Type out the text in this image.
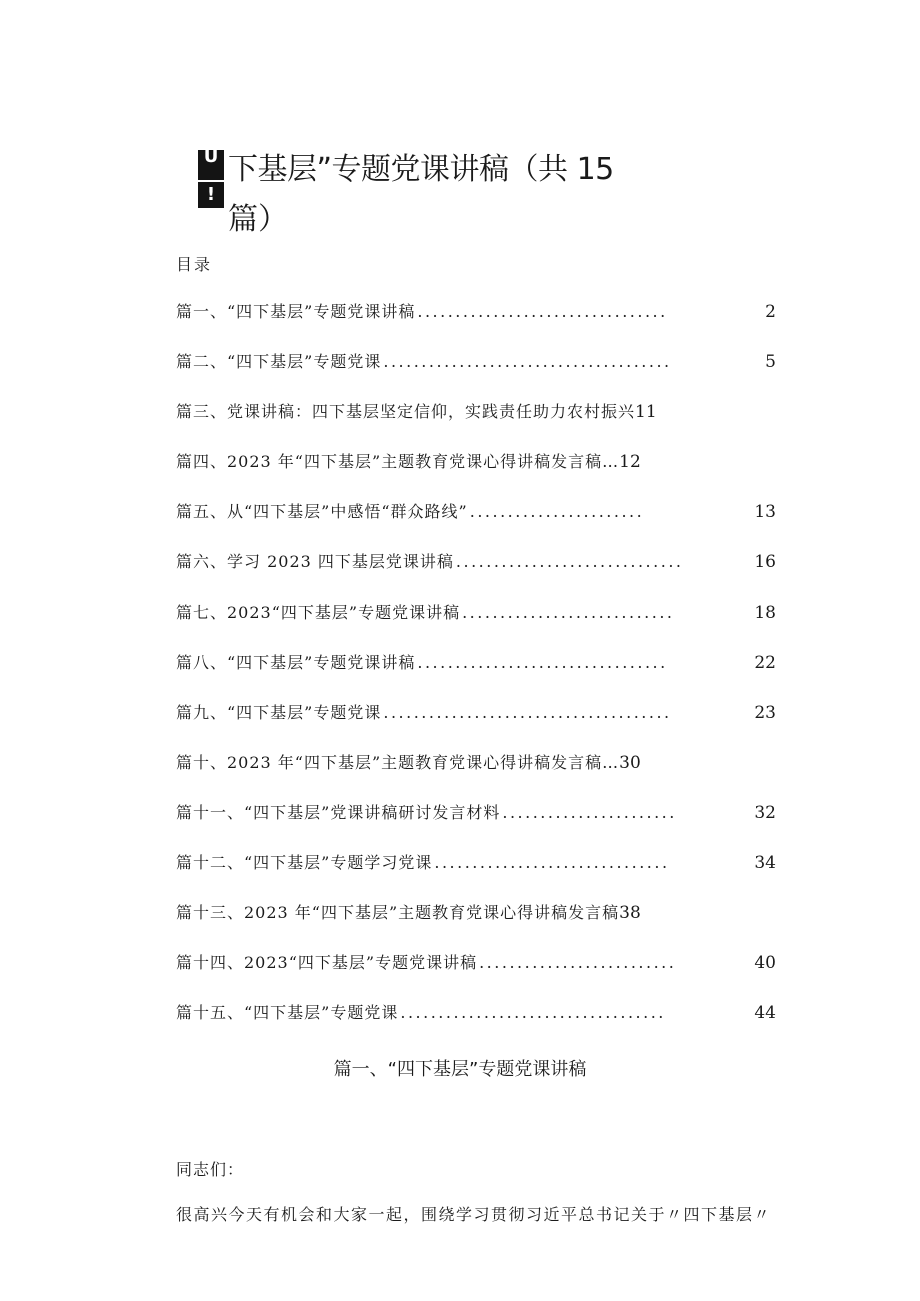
U
!
下基层”专题党课讲稿（共 15
篇）
目录
篇一、“四下基层”专题党课讲稿 .................................	2
篇二、“四下基层”专题党课 ......................................	5
篇三、党课讲稿：四下基层坚定信仰，实践责任助力农村振兴 11
篇四、2023 年“四下基层”主题教育党课心得讲稿发言稿… 12
篇五、从“四下基层”中感悟“群众路线” .......................	13
篇六、学习 2023 四下基层党课讲稿 ..............................	16
篇七、2023“四下基层”专题党课讲稿 ............................	18
篇八、“四下基层”专题党课讲稿 .................................	22
篇九、“四下基层”专题党课 ......................................	23
篇十、2023 年“四下基层”主题教育党课心得讲稿发言稿… 30
篇十一、“四下基层”党课讲稿研讨发言材料 .......................	32
篇十二、“四下基层”专题学习党课 ...............................	34
篇十三、2023 年“四下基层”主题教育党课心得讲稿发言稿 38
篇十四、2023“四下基层”专题党课讲稿 ..........................	40
篇十五、“四下基层”专题党课 ...................................	44
篇一、“四下基层”专题党课讲稿
同志们：
很高兴今天有机会和大家一起，围绕学习贯彻习近平总书记关于〃四下基层〃
